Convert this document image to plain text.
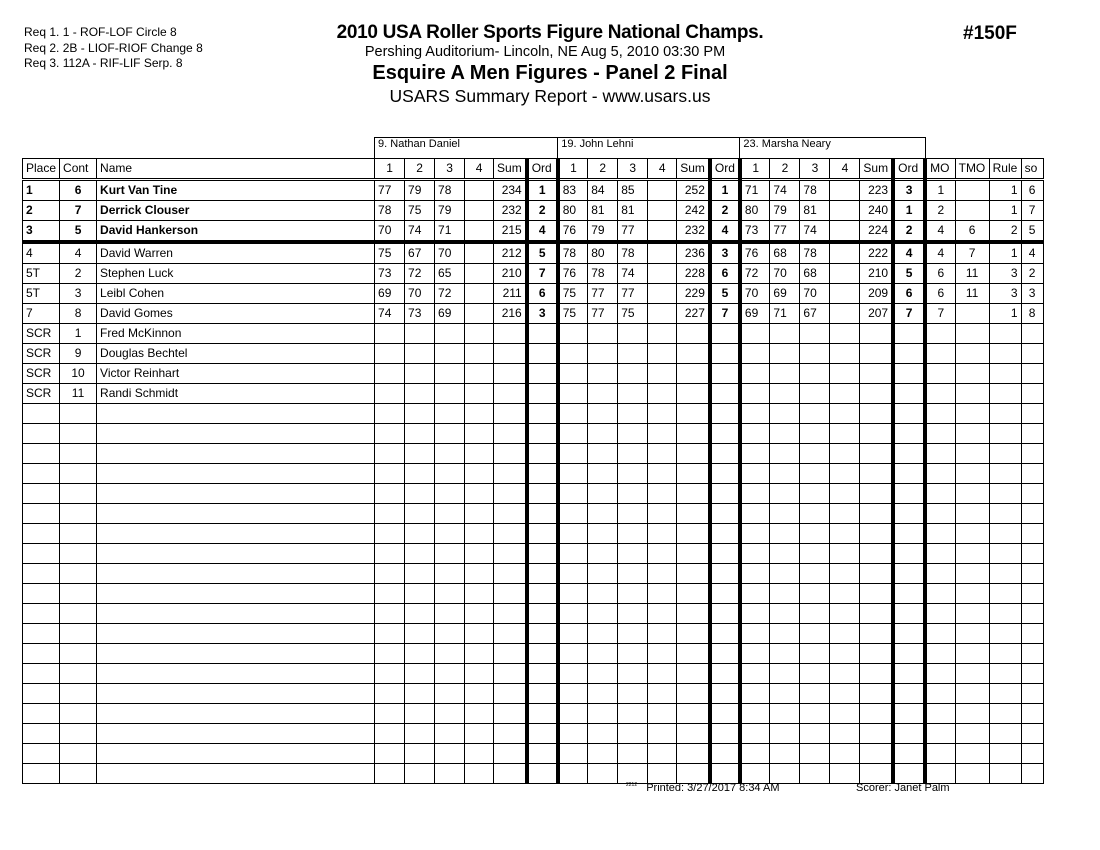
Req 1. 1 - ROF-LOF Circle 8
Req 2. 2B - LIOF-RIOF Change 8
Req 3. 112A - RIF-LIF Serp. 8
2010 USA Roller Sports Figure National Champs.
Pershing Auditorium- Lincoln, NE Aug 5, 2010 03:30 PM
Esquire A Men Figures - Panel 2 Final
USARS Summary Report - www.usars.us
#150F
			9. Nathan Daniel						19. John Lehni						23. Marsha Neary									
Place	Cont	Name	1	2	3	4	Sum	Ord	1	2	3	4	Sum	Ord	1	2	3	4	Sum	Ord	MO	TMO	Rule	so
1	6	Kurt Van Tine	77	79	78		234	1	83	84	85		252	1	71	74	78		223	3	1		1	6
2	7	Derrick Clouser	78	75	79		232	2	80	81	81		242	2	80	79	81		240	1	2		1	7
3	5	David Hankerson	70	74	71		215	4	76	79	77		232	4	73	77	74		224	2	4	6	2	5
4	4	David Warren	75	67	70		212	5	78	80	78		236	3	76	68	78		222	4	4	7	1	4
5T	2	Stephen Luck	73	72	65		210	7	76	78	74		228	6	72	70	68		210	5	6	11	3	2
5T	3	Leibl Cohen	69	70	72		211	6	75	77	77		229	5	70	69	70		209	6	6	11	3	3
7	8	David Gomes	74	73	69		216	3	75	77	75		227	7	69	71	67		207	7	7		1	8
SCR	1	Fred McKinnon																						
SCR	9	Douglas Bechtel																						
SCR	10	Victor Reinhart																						
SCR	11	Randi Schmidt																						

$^{2212}$ Printed: 3/27/2017 8:34 AM	Scorer: Janet Palm
